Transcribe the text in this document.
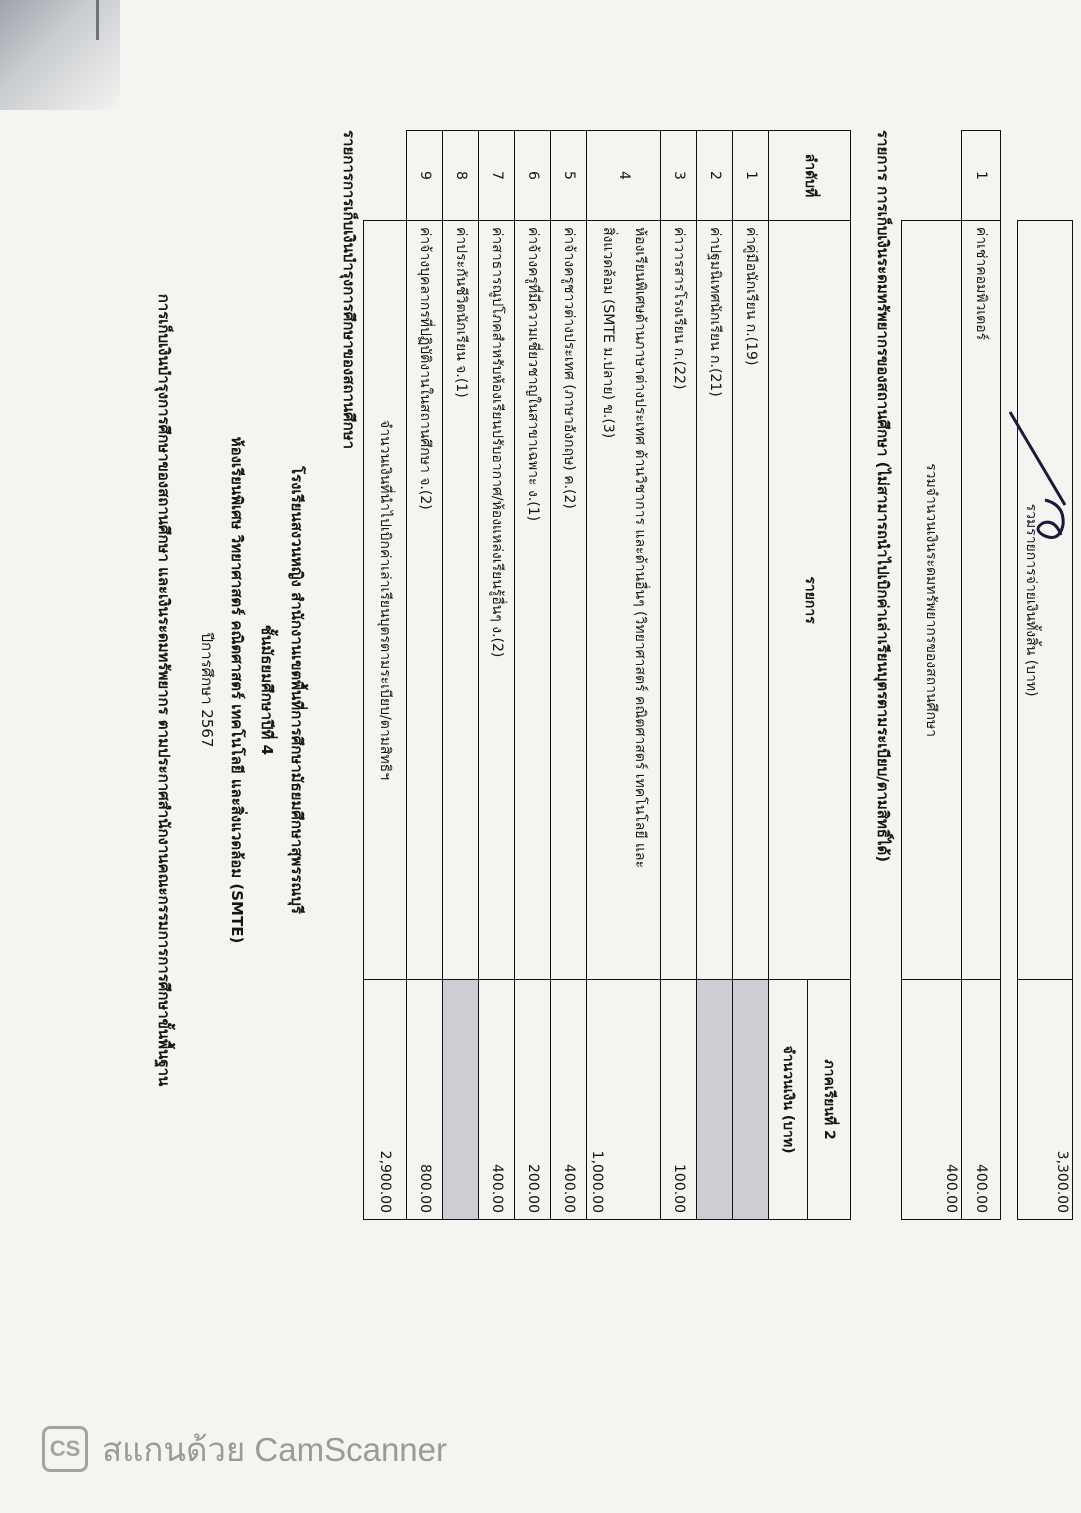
การเก็บเงินบำรุงการศึกษาของสถานศึกษา และเงินระดมทรัพยากร ตามประกาศสำนักงานคณะกรรมการการศึกษาขั้นพื้นฐาน ปีการศึกษา 2567 ห้องเรียนพิเศษ วิทยาศาสตร์ คณิตศาสตร์ เทคโนโลยี และสิ่งแวดล้อม (SMTE) ชั้นมัธยมศึกษาปีที่ 4 โรงเรียนสงวนหญิง สำนักงานเขตพื้นที่การศึกษามัธยมศึกษาสุพรรณบุรี
รายการการเก็บเงินบำรุงการศึกษาของสถานศึกษา	ลำดับที่	รายการ	ภาคเรียนที่ 2
		จำนวนเงิน (บาท)
1	ค่าคู่มือนักเรียน ก.(19)	
2	ค่าปฐมนิเทศนักเรียน ก.(21)	
3	ค่าวารสารโรงเรียน ก.(22)	100.00
4	ห้องเรียนพิเศษด้านภาษาต่างประเทศ ด้านวิชาการ และด้านอื่นๆ (วิทยาศาสตร์ คณิตศาสตร์ เทคโนโลยี และ
สิ่งแวดล้อม (SMTE ม.ปลาย) ข.(3)	1,000.00
5	ค่าจ้างครูชาวต่างประเทศ (ภาษาอังกฤษ) ค.(2)	400.00
6	ค่าจ้างครูที่มีความเชี่ยวชาญในสาขาเฉพาะ ง.(1)	200.00
7	ค่าสาธารณูปโภคสำหรับห้องเรียนปรับอากาศ/ห้องแหล่งเรียนรู้อื่นๆ ง.(2)	400.00
8	ค่าประกันชีวิตนักเรียน จ.(1)	
9	ค่าจ้างบุคลากรที่ปฏิบัติงานในสถานศึกษา จ.(2)	800.00
	จำนวนเงินที่นำไปเบิกค่าเล่าเรียนบุตรตามระเบียบ/ตามสิทธิฯ	2,900.00
รายการ การเก็บเงินระดมทรัพยากรของสถานศึกษา (ไม่สามารถนำไปเบิกค่าเล่าเรียนบุตรตามระเบียบ/ตามสิทธิ์ได้)	1	ค่าเช่าคอมพิวเตอร์	400.00
	รวมจำนวนเงินระดมทรัพยากรของสถานศึกษา	400.00
รวมรายการจ่ายเงินทั้งสิ้น (บาท)	3,300.00
CS สแกนด้วย CamScanner
